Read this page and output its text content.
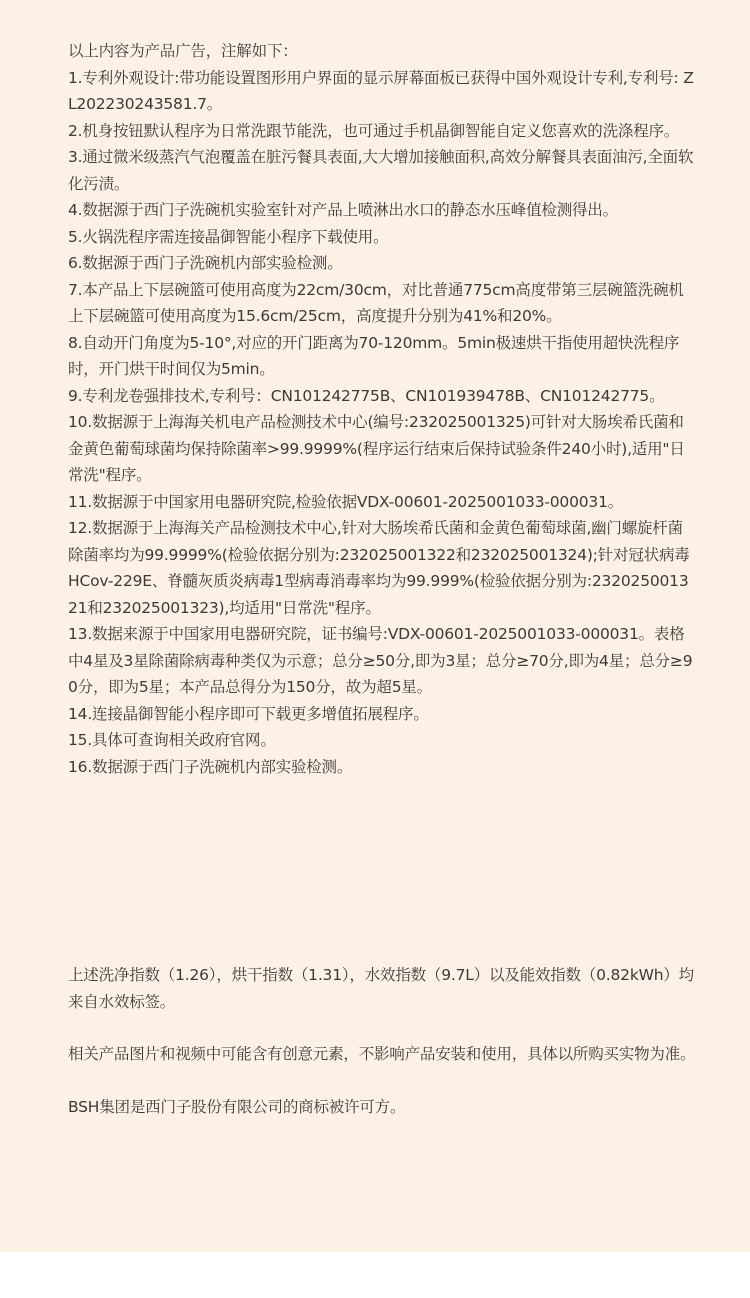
以上内容为产品广告，注解如下：

1.专利外观设计:带功能设置图形用户界面的显示屏幕面板已获得中国外观设计专利,专利号: ZL202230243581.7。

2.机身按钮默认程序为日常洗跟节能洗，也可通过手机晶御智能自定义您喜欢的洗涤程序。

3.通过微米级蒸汽气泡覆盖在脏污餐具表面,大大增加接触面积,高效分解餐具表面油污,全面软化污渍。

4.数据源于西门子洗碗机实验室针对产品上喷淋出水口的静态水压峰值检测得出。

5.火锅洗程序需连接晶御智能小程序下载使用。

6.数据源于西门子洗碗机内部实验检测。

7.本产品上下层碗篮可使用高度为22cm/30cm，对比普通775cm高度带第三层碗篮洗碗机上下层碗篮可使用高度为15.6cm/25cm，高度提升分别为41%和20%。

8.自动开门角度为5-10°,对应的开门距离为70-120mm。5min极速烘干指使用超快洗程序时，开门烘干时间仅为5min。

9.专利龙卷强排技术,专利号：CN101242775B、CN101939478B、CN101242775。

10.数据源于上海海关机电产品检测技术中心(编号:232025001325)可针对大肠埃希氏菌和金黄色葡萄球菌均保持除菌率>99.9999%(程序运行结束后保持试验条件240小时),适用"日常洗"程序。

11.数据源于中国家用电器研究院,检验依据VDX-00601-2025001033-000031。

12.数据源于上海海关产品检测技术中心,针对大肠埃希氏菌和金黄色葡萄球菌,幽门螺旋杆菌除菌率均为99.9999%(检验依据分别为:232025001322和232025001324);针对冠状病毒HCov-229E、脊髓灰质炎病毒1型病毒消毒率均为99.999%(检验依据分别为:232025001321和232025001323),均适用"日常洗"程序。

13.数据来源于中国家用电器研究院，证书编号:VDX-00601-2025001033-000031。表格中4星及3星除菌除病毒种类仅为示意；总分≥50分,即为3星；总分≥70分,即为4星；总分≥90分，即为5星；本产品总得分为150分，故为超5星。

14.连接晶御智能小程序即可下载更多增值拓展程序。

15.具体可查询相关政府官网。

16.数据源于西门子洗碗机内部实验检测。

上述洗净指数（1.26），烘干指数（1.31），水效指数（9.7L）以及能效指数（0.82kWh）均来自水效标签。

相关产品图片和视频中可能含有创意元素，不影响产品安装和使用，具体以所购买实物为准。

BSH集团是西门子股份有限公司的商标被许可方。
